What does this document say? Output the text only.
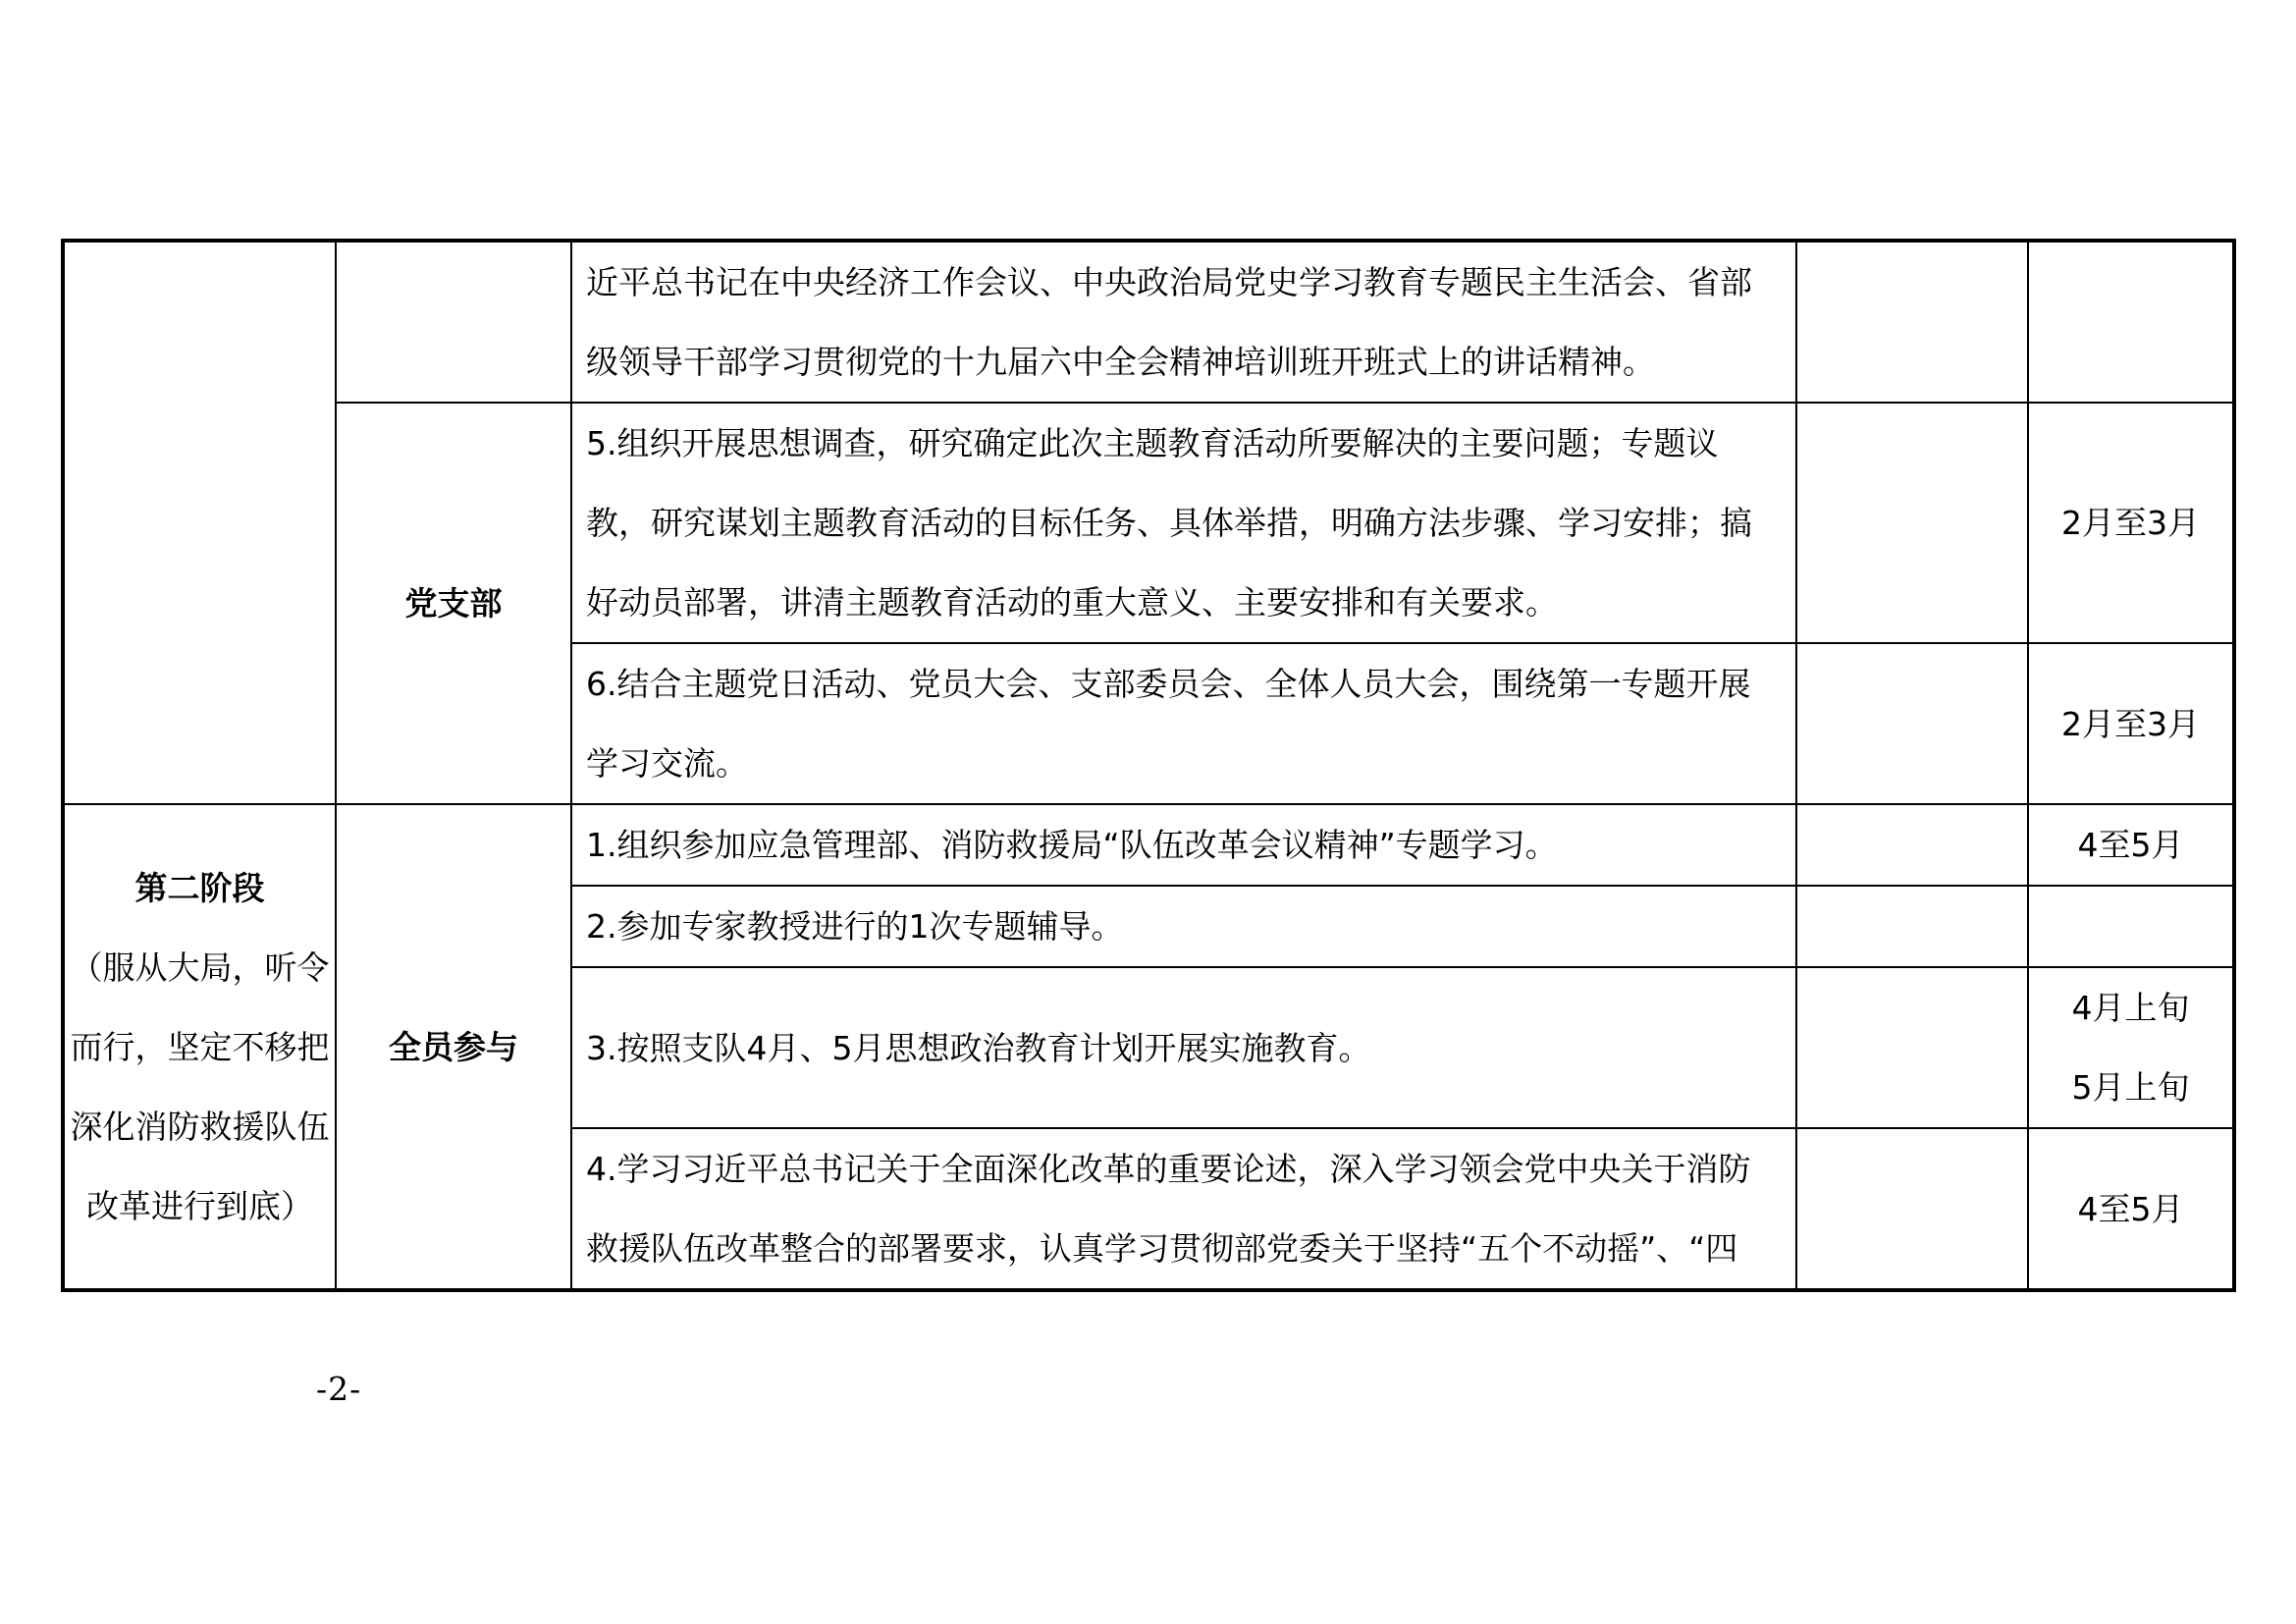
		近平总书记在中央经济工作会议、中央政治局党史学习教育专题民主生活会、省部级领导干部学习贯彻党的十九届六中全会精神培训班开班式上的讲话精神。		
	党支部	5.组织开展思想调查，研究确定此次主题教育活动所要解决的主要问题；专题议教，研究谋划主题教育活动的目标任务、具体举措，明确方法步骤、学习安排；搞好动员部署，讲清主题教育活动的重大意义、主要安排和有关要求。		2月至3月
		6.结合主题党日活动、党员大会、支部委员会、全体人员大会，围绕第一专题开展学习交流。		2月至3月

第二阶段
（服从大局，听令而行，坚定不移把深化消防救援队伍改革进行到底）	全员参与	1.组织参加应急管理部、消防救援局“队伍改革会议精神”专题学习。		4至5月
		2.参加专家教授进行的1次专题辅导。		
		3.按照支队4月、5月思想政治教育计划开展实施教育。		4月上旬
5月上旬

		4.学习习近平总书记关于全面深化改革的重要论述，深入学习领会党中央关于消防救援队伍改革整合的部署要求，认真学习贯彻部党委关于坚持“五个不动摇”、“四		4至5月
-2-
